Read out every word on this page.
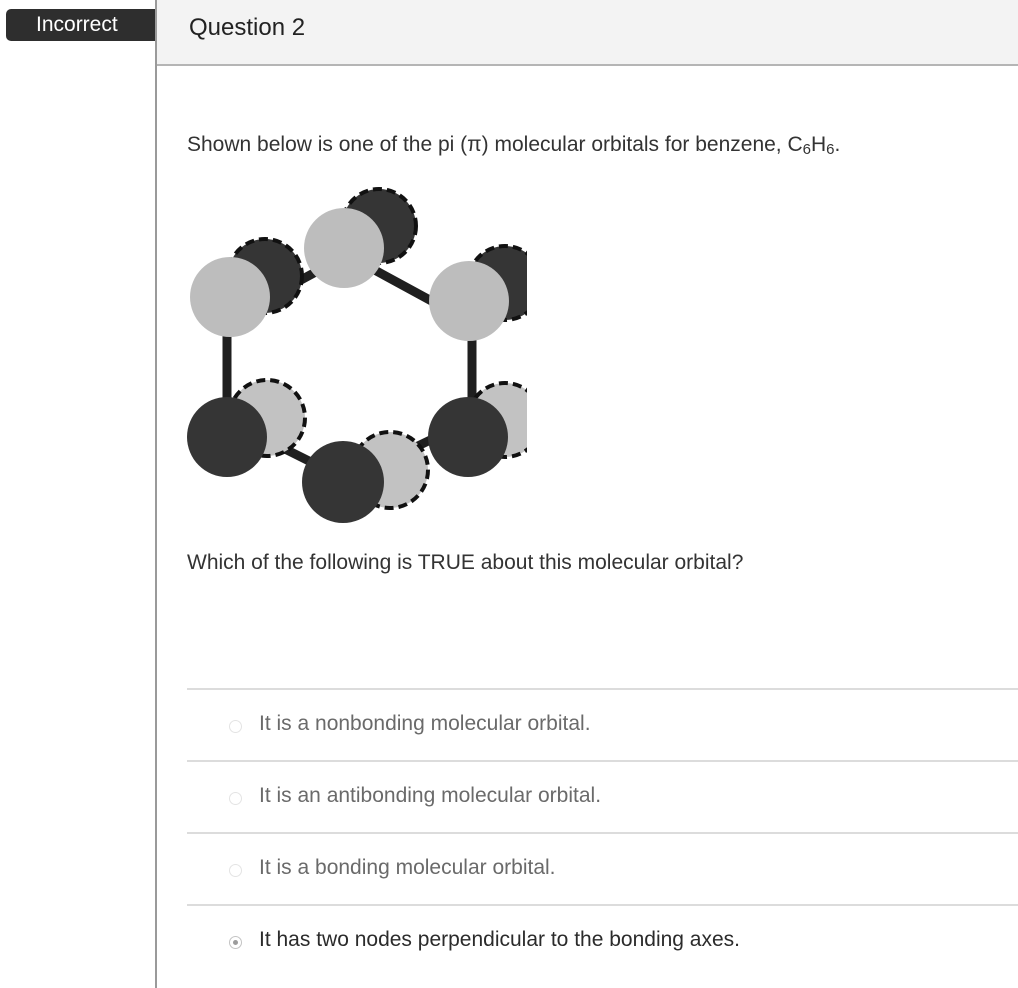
Incorrect	Question 2
Shown below is one of the pi (π) molecular orbitals for benzene, $C_6H_6$.
Which of the following is TRUE about this molecular orbital?
It is a nonbonding molecular orbital.
It is an antibonding molecular orbital.
It is a bonding molecular orbital.
It has two nodes perpendicular to the bonding axes.
